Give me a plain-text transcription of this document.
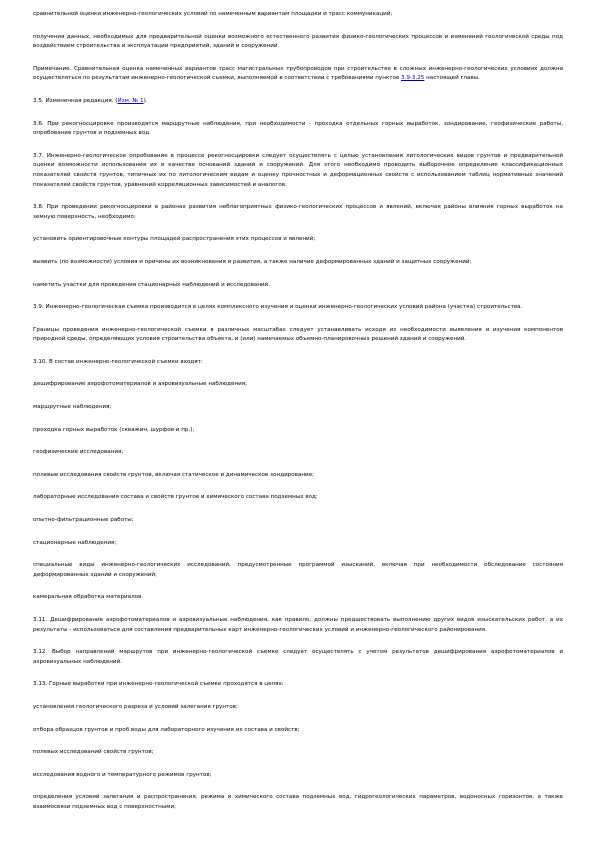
сравнительной оценки инженерно-геологических условий по намеченным вариантам площадки и трасс коммуникаций;

получения данных, необходимых для предварительной оценки возможного естественного развития физико-геологических процессов и изменений геологической среды под воздействием строительства и эксплуатации предприятий, зданий и сооружений.

Примечание. Сравнительная оценка намеченных вариантов трасс магистральных трубопроводов при строительстве в сложных инженерно-геологических условиях должна осуществляться по результатам инженерно-геологической съемки, выполняемой в соответствии с требованиями пунктов 3.9-3.25 настоящей главы.

3.5. Измененная редакция. (Изм. № 1).

3.6. При рекогносцировке производятся маршрутные наблюдения, при необходимости - проходка отдельных горных выработок, зондирование, геофизические работы, опробование грунтов и подземных вод.

3.7. Инженерно-геологическое опробование в процессе рекогносцировки следует осуществлять с целью установления литологических видов грунтов и предварительной оценки возможности использования их в качестве оснований зданий и сооружений. Для этого необходимо проводить выборочное определение классификационных показателей свойств грунтов, типичных их по литологическим видам и оценку прочностных и деформационных свойств с использованием таблиц нормативных значений показателей свойств грунтов, уравнений корреляционных зависимостей и аналогов.

3.8. При проведении рекогносцировки в районах развития неблагоприятных физико-геологических процессов и явлений, включая районы влияния горных выработок на земную поверхность, необходимо:

установить ориентировочные контуры площадей распространения этих процессов и явлений;

выявить (по возможности) условия и причины их возникновения и развития, а также наличие деформированных зданий и защитных сооружений;

наметить участки для проведения стационарных наблюдений и исследований.

3.9. Инженерно-геологическая съемка производится в целях комплексного изучения и оценки инженерно-геологических условий района (участка) строительства.

Границы проведения инженерно-геологической съемки в различных масштабах следует устанавливать исходя из необходимости выявления и изучения компонентов природной среды, определяющих условия строительства объекта, и (или) намечаемых объемно-планировочных решений зданий и сооружений.

3.10. В состав инженерно-геологической съемки входят:

дешифрирование аэрофотоматериалов и аэровизуальные наблюдения;

маршрутные наблюдения;

проходка горных выработок (скважин, шурфов и пр.);

геофизические исследования;

полевые исследования свойств грунтов, включая статическое и динамическое зондирование;

лабораторные исследования состава и свойств грунтов и химического состава подземных вод;

опытно-фильтрационные работы;

стационарные наблюдения;

специальные виды инженерно-геологических исследований, предусмотренные программой изысканий, включая при необходимости обследование состояния деформированных зданий и сооружений;

камеральная обработка материалов.

3.11. Дешифрирование аэрофотоматериалов и аэровизуальные наблюдения, как правило, должны предшествовать выполнению других видов изыскательских работ, а их результаты - использоваться для составления предварительных карт инженерно-геологических условий и инженерно-геологического районирования.

3.12. Выбор направлений маршрутов при инженерно-геологической съемке следует осуществлять с учетом результатов дешифрирования аэрофотоматериалов и аэровизуальных наблюдений.

3.13. Горные выработки при инженерно-геологической съемке проходятся в целях:

установления геологического разреза и условий залегания грунтов;

отбора образцов грунтов и проб воды для лабораторного изучения их состава и свойств;

полевых исследований свойств грунтов;

исследования водного и температурного режимов грунтов;

определения условий залегания и распространения, режима и химического состава подземных вод, гидрогеологических параметров, водоносных горизонтов, а также взаимосвязи подземных вод с поверхностными;
